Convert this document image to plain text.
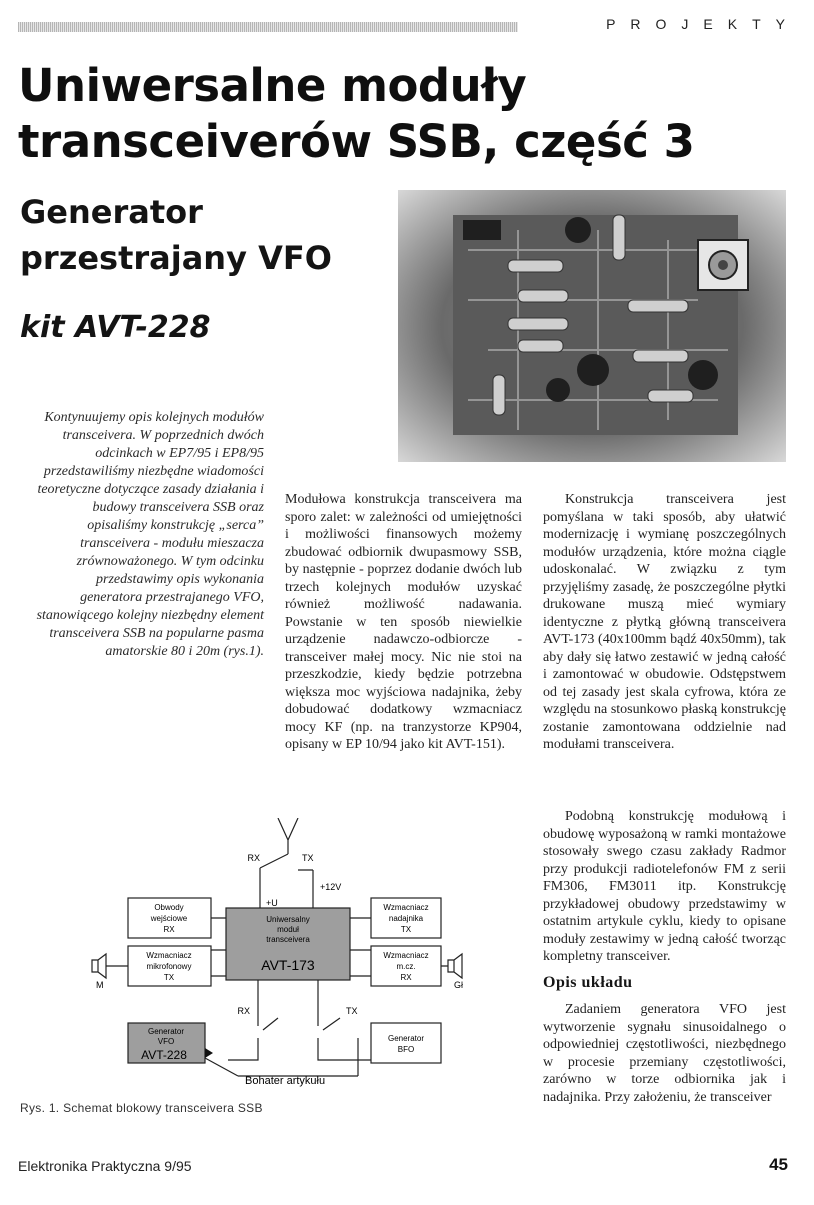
PROJEKTY
Uniwersalne moduły
transceiverów SSB, część 3
Generator
przestrajany VFO
kit AVT-228
Kontynuujemy opis kolejnych modułów transceivera. W poprzednich dwóch odcinkach w EP7/95 i EP8/95 przedstawiliśmy niezbędne wiadomości teoretyczne dotyczące zasady działania i budowy transceivera SSB oraz opisaliśmy konstrukcję „serca” transceivera - modułu mieszacza zrównoważonego. W tym odcinku przedstawimy opis wykonania generatora przestrajanego VFO, stanowiącego kolejny niezbędny element transceivera SSB na popularne pasma amatorskie 80 i 20m (rys.1).
Modułowa konstrukcja transceivera ma sporo zalet: w zależności od umiejętności i możliwości finansowych możemy zbudować odbiornik dwupasmowy SSB, by następnie - poprzez dodanie dwóch lub trzech kolejnych modułów uzyskać również możliwość nadawania. Powstanie w ten sposób niewielkie urządzenie nadawczo-odbiorcze - transceiver małej mocy. Nic nie stoi na przeszkodzie, kiedy będzie potrzebna większa moc wyjściowa nadajnika, żeby dobudować dodatkowy wzmacniacz mocy KF (np. na tranzystorze KP904, opisany w EP 10/94 jako kit AVT-151).

Konstrukcja transceivera jest pomyślana w taki sposób, aby ułatwić modernizację i wymianę poszczególnych modułów urządzenia, które można ciągle udoskonalać. W związku z tym przyjęliśmy zasadę, że poszczególne płytki drukowane muszą mieć wymiary identyczne z płytką główną transceivera AVT-173 (40x100mm bądź 40x50mm), tak aby dały się łatwo zestawić w jedną całość i zamontować w obudowie. Odstępstwem od tej zasady jest skala cyfrowa, która ze względu na stosunkowo płaską konstrukcję zostanie zamontowana oddzielnie nad modułami transceivera.

Podobną konstrukcję modułową i obudowę wyposażoną w ramki montażowe stosowały swego czasu zakłady Radmor przy produkcji radiotelefonów FM z serii FM306, FM3011 itp. Konstrukcję przykładowej obudowy przedstawimy w ostatnim artykule cyklu, kiedy to opisane moduły zestawimy w jedną całość tworząc kompletny transceiver.

Opis układu

Zadaniem generatora VFO jest wytworzenie sygnału sinusoidalnego o odpowiedniej częstotliwości, niezbędnego w procesie przemiany częstotliwości, zarówno w torze odbiornika jak i nadajnika. Przy założeniu, że transceiver

RX	TX
+12V
+U
Obwody
wejściowe
RX
Uniwersalny
moduł
transceivera
AVT-173
Wzmacniacz
nadajnika
TX
Wzmacniacz
mikrofonowy
TX
Wzmacniacz
m.cz.
RX
M	Gł
RX	TX
Generator
VFO
AVT-228
Generator
BFO
Bohater artykułu
Rys. 1. Schemat blokowy transceivera SSB
Elektronika Praktyczna 9/95	45
